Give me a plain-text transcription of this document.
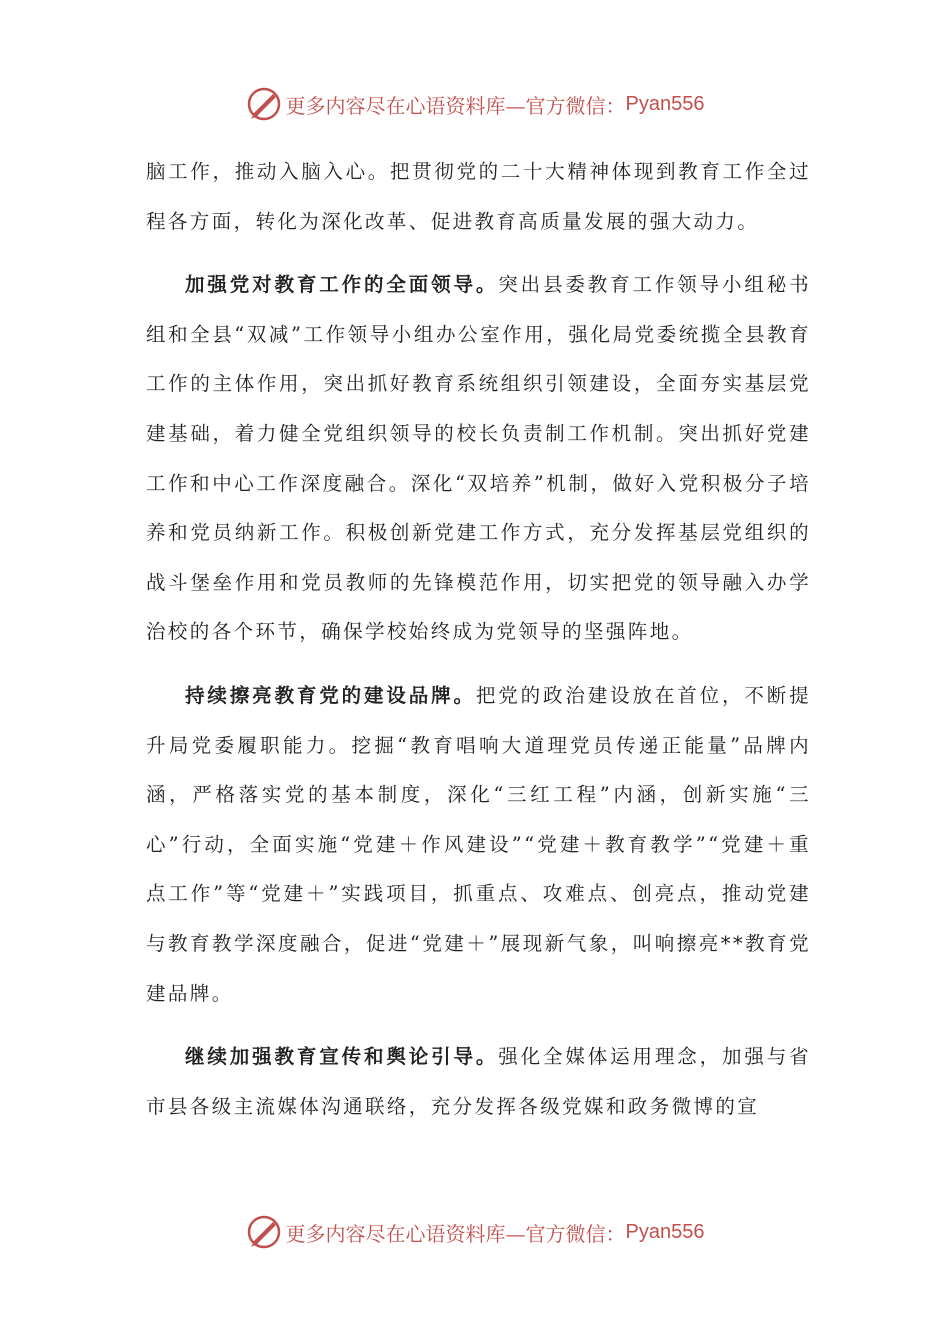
更多内容尽在心语资料库—官方微信： Pyan556

脑工作，推动入脑入心。把贯彻党的二十大精神体现到教育工作全过程各方面，转化为深化改革、促进教育高质量发展的强大动力。

加强党对教育工作的全面领导。突出县委教育工作领导小组秘书组和全县“双减”工作领导小组办公室作用，强化局党委统揽全县教育工作的主体作用，突出抓好教育系统组织引领建设，全面夯实基层党建基础，着力健全党组织领导的校长负责制工作机制。突出抓好党建工作和中心工作深度融合。深化“双培养”机制，做好入党积极分子培养和党员纳新工作。积极创新党建工作方式，充分发挥基层党组织的战斗堡垒作用和党员教师的先锋模范作用，切实把党的领导融入办学治校的各个环节，确保学校始终成为党领导的坚强阵地。

持续擦亮教育党的建设品牌。把党的政治建设放在首位，不断提升局党委履职能力。挖掘“教育唱响大道理党员传递正能量”品牌内涵，严格落实党的基本制度，深化“三红工程”内涵，创新实施“三心”行动，全面实施“党建＋作风建设”“党建＋教育教学”“党建＋重点工作”等“党建＋”实践项目，抓重点、攻难点、创亮点，推动党建与教育教学深度融合，促进“党建＋”展现新气象，叫响擦亮**教育党建品牌。

继续加强教育宣传和舆论引导。强化全媒体运用理念，加强与省市县各级主流媒体沟通联络，充分发挥各级党媒和政务微博的宣

更多内容尽在心语资料库—官方微信： Pyan556
